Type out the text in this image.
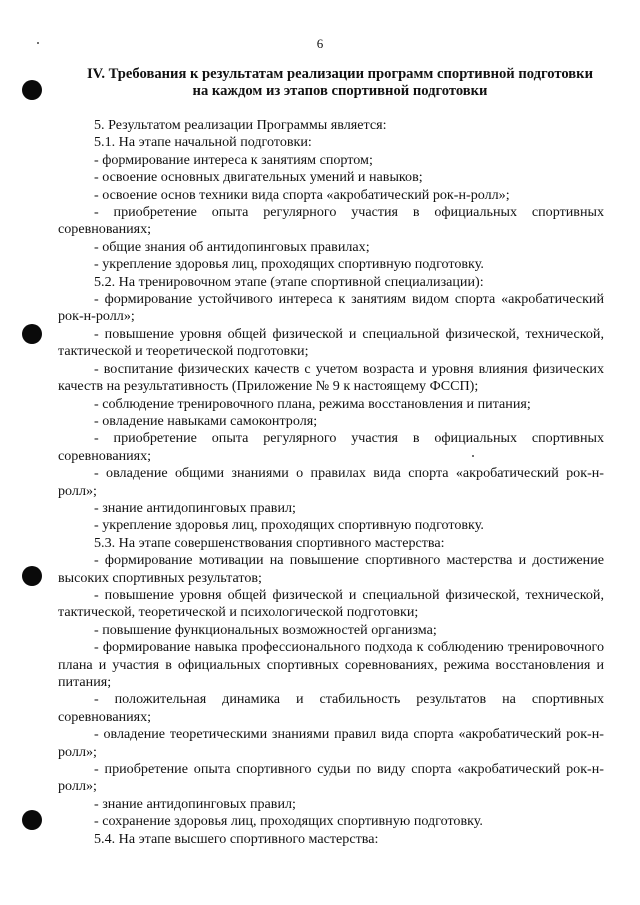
6
IV. Требования к результатам реализации программ спортивной подготовки
на каждом из этапов спортивной подготовки

5. Результатом реализации Программы является:

5.1. На этапе начальной подготовки:

- формирование интереса к занятиям спортом;

- освоение основных двигательных умений и навыков;

- освоение основ техники вида спорта «акробатический рок-н-ролл»;

- приобретение опыта регулярного участия в официальных спортивных соревнованиях;

- общие знания об антидопинговых правилах;

- укрепление здоровья лиц, проходящих спортивную подготовку.

5.2. На тренировочном этапе (этапе спортивной специализации):

- формирование устойчивого интереса к занятиям видом спорта «акробатический рок-н-ролл»;

- повышение уровня общей физической и специальной физической, технической, тактической и теоретической подготовки;

- воспитание физических качеств с учетом возраста и уровня влияния физических качеств на результативность (Приложение № 9 к настоящему ФССП);

- соблюдение тренировочного плана, режима восстановления и питания;

- овладение навыками самоконтроля;

- приобретение опыта регулярного участия в официальных спортивных соревнованиях;

- овладение общими знаниями о правилах вида спорта «акробатический рок-н-ролл»;

- знание антидопинговых правил;

- укрепление здоровья лиц, проходящих спортивную подготовку.

5.3. На этапе совершенствования спортивного мастерства:

- формирование мотивации на повышение спортивного мастерства и достижение высоких спортивных результатов;

- повышение уровня общей физической и специальной физической, технической, тактической, теоретической и психологической подготовки;

- повышение функциональных возможностей организма;

- формирование навыка профессионального подхода к соблюдению тренировочного плана и участия в официальных спортивных соревнованиях, режима восстановления и питания;

- положительная динамика и стабильность результатов на спортивных соревнованиях;

- овладение теоретическими знаниями правил вида спорта «акробатический рок-н-ролл»;

- приобретение опыта спортивного судьи по виду спорта «акробатический рок-н-ролл»;

- знание антидопинговых правил;

- сохранение здоровья лиц, проходящих спортивную подготовку.

5.4. На этапе высшего спортивного мастерства:
